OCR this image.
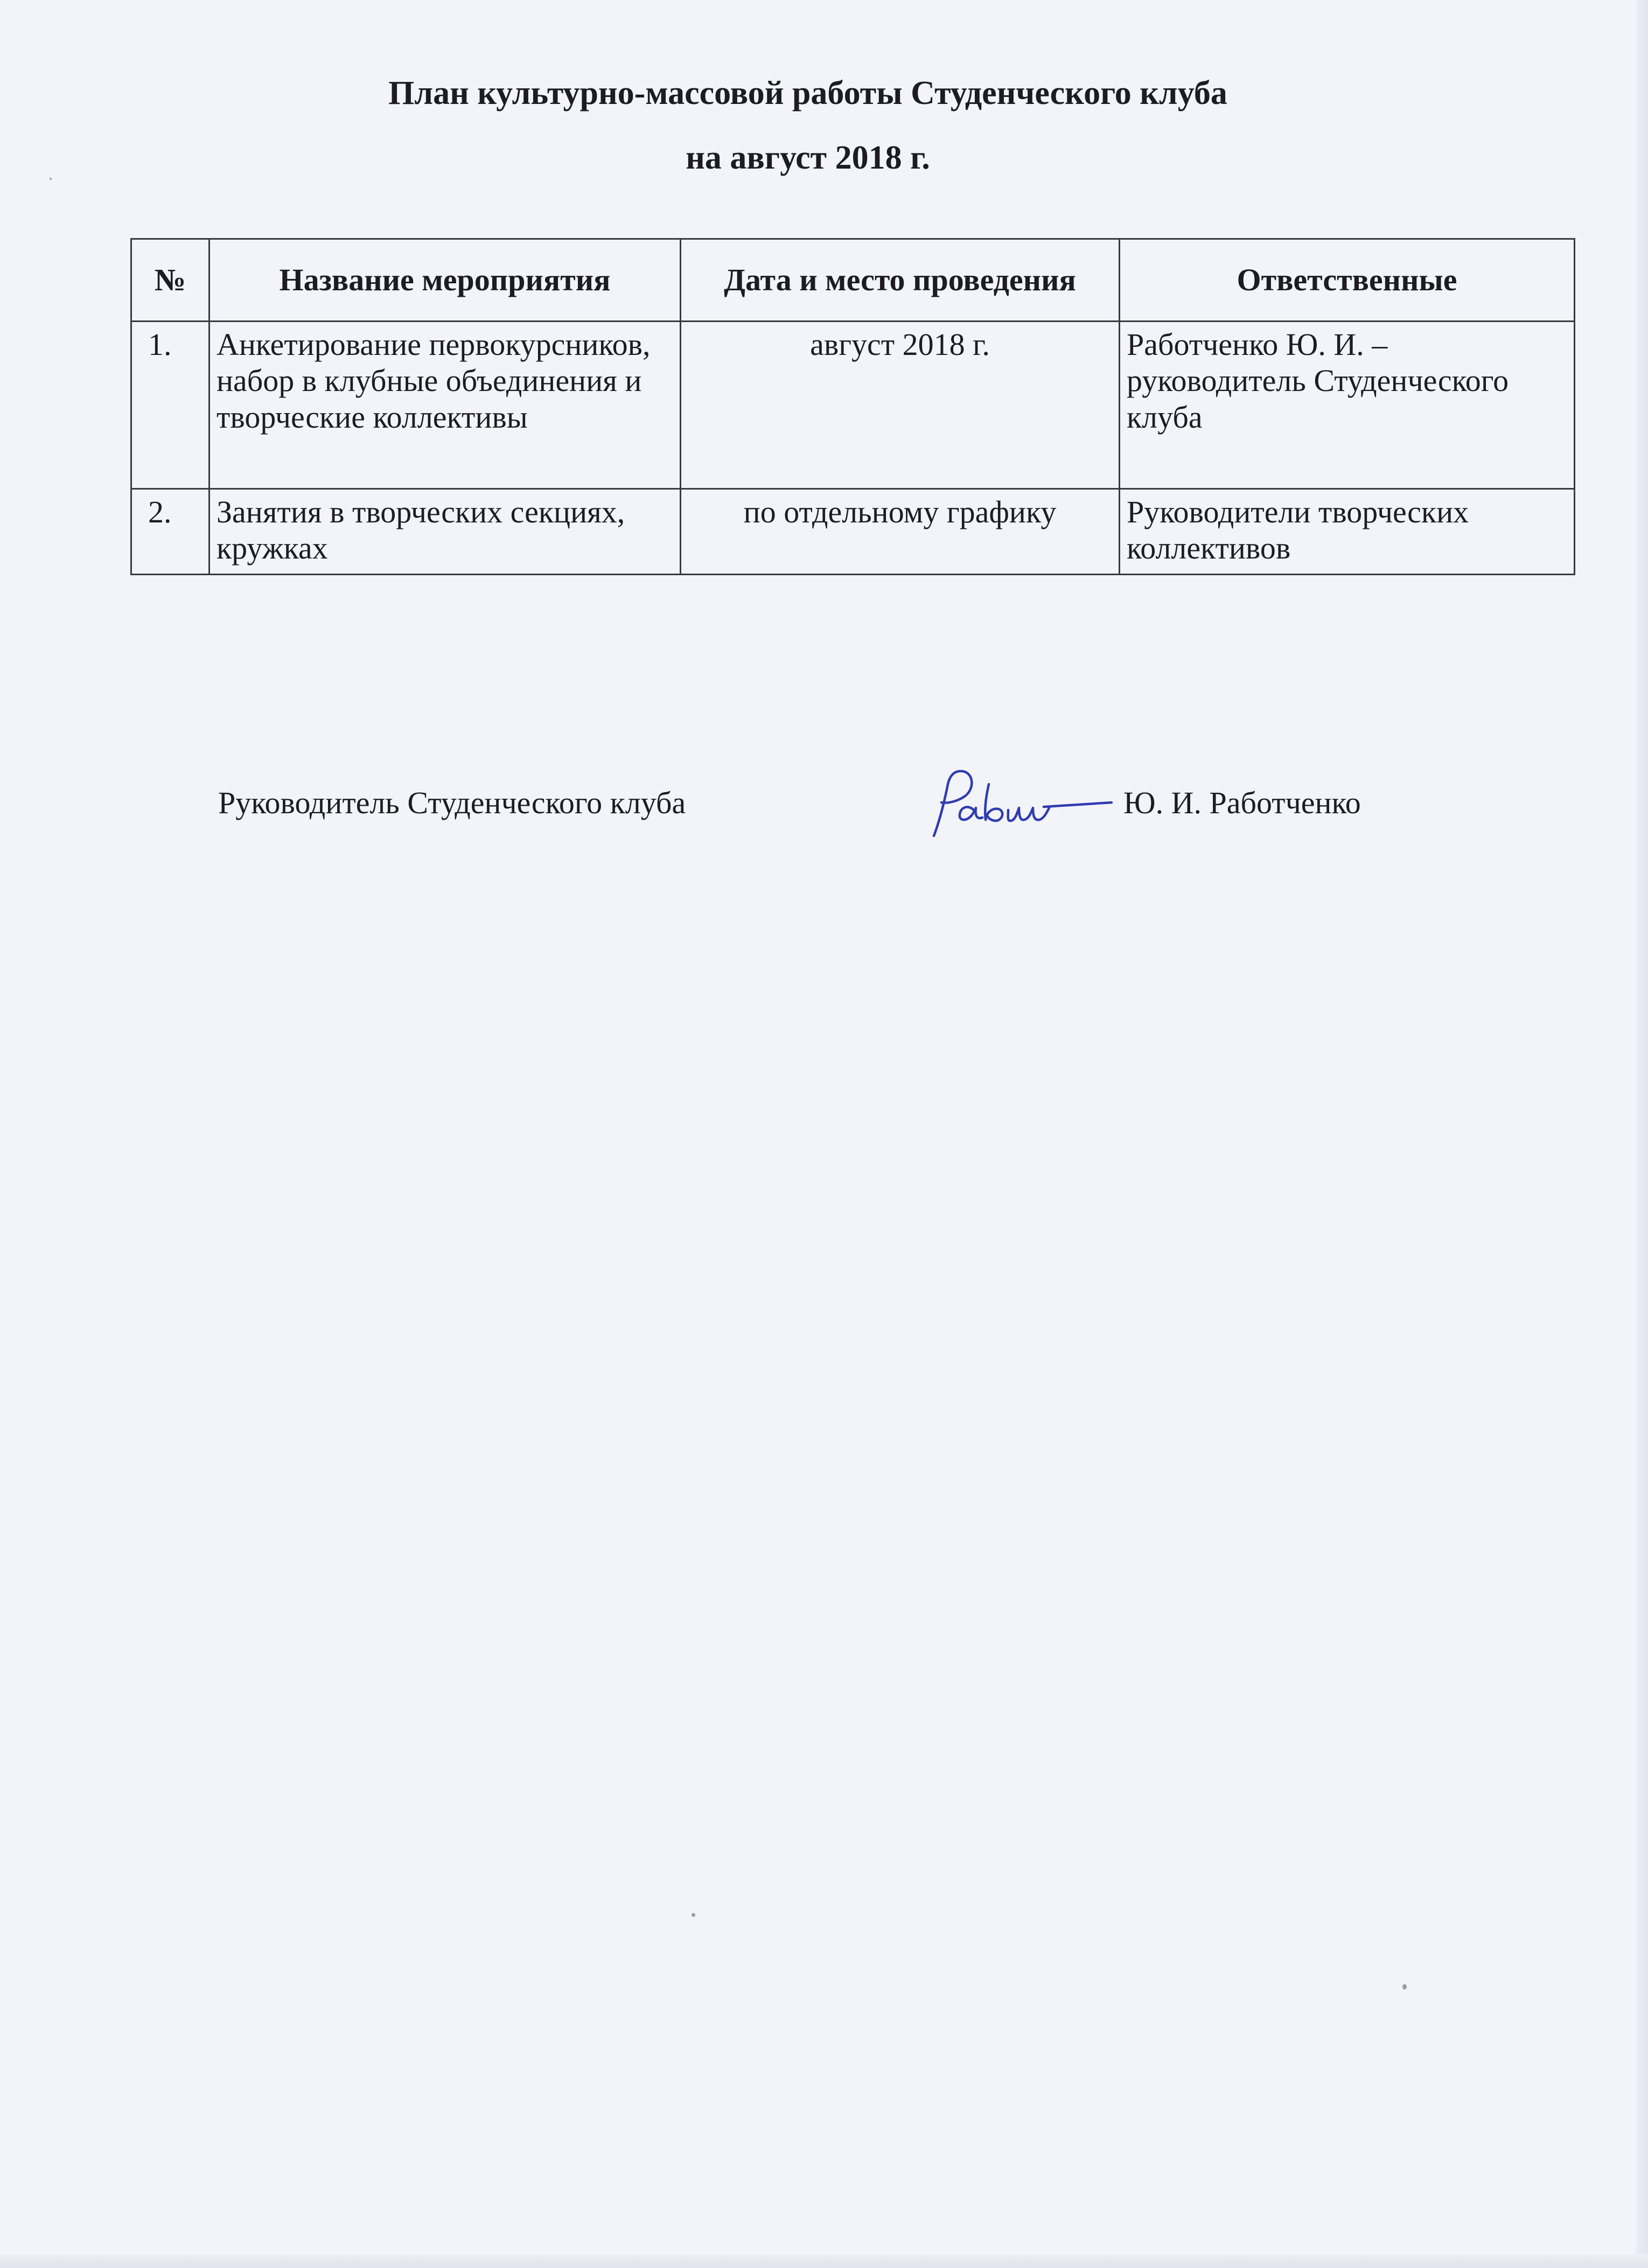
План культурно-массовой работы Студенческого клуба
на август 2018 г.
№	Название мероприятия	Дата и место проведения	Ответственные
1.	Анкетирование первокурсников, набор в клубные объединения и творческие коллективы	август 2018 г.	Работченко Ю. И. – руководитель Студенческого клуба
2.	Занятия в творческих секциях, кружках	по отдельному графику	Руководители творческих коллективов
Руководитель Студенческого клуба	Ю. И. Работченко
